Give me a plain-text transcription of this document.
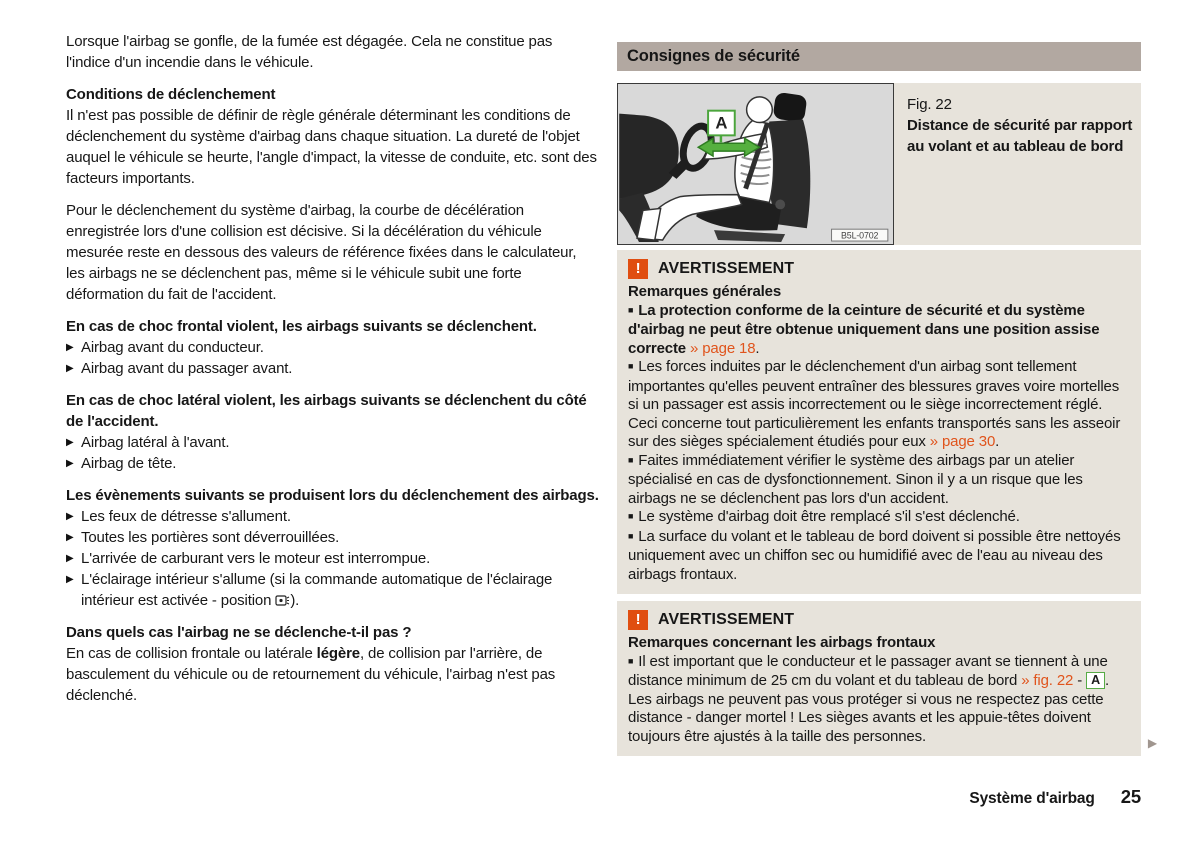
Lorsque l'airbag se gonfle, de la fumée est dégagée. Cela ne constitue pas l'indice d'un incendie dans le véhicule.

Conditions de déclenchement

Il n'est pas possible de définir de règle générale déterminant les conditions de déclenchement du système d'airbag dans chaque situation. La dureté de l'objet auquel le véhicule se heurte, l'angle d'impact, la vitesse de conduite, etc. sont des facteurs importants.

Pour le déclenchement du système d'airbag, la courbe de décélération enregistrée lors d'une collision est décisive. Si la décélération du véhicule mesurée reste en dessous des valeurs de référence fixées dans le calculateur, les airbags ne se déclenchent pas, même si le véhicule subit une forte déformation du fait de l'accident.

En cas de choc frontal violent, les airbags suivants se déclenchent.

▶ Airbag avant du conducteur.
▶ Airbag avant du passager avant.

En cas de choc latéral violent, les airbags suivants se déclenchent du côté de l'accident.

▶ Airbag latéral à l'avant.
▶ Airbag de tête.

Les évènements suivants se produisent lors du déclenchement des airbags.

▶ Les feux de détresse s'allument.
▶ Toutes les portières sont déverrouillées.
▶ L'arrivée de carburant vers le moteur est interrompue.
▶ L'éclairage intérieur s'allume (si la commande automatique de l'éclairage intérieur est activée - position ).

Dans quels cas l'airbag ne se déclenche-t-il pas ?

En cas de collision frontale ou latérale légère, de collision par l'arrière, de basculement du véhicule ou de retournement du véhicule, l'airbag n'est pas déclenché.

Consignes de sécurité
A
B5L-0702
Fig. 22
Distance de sécurité par rapport au volant et au tableau de bord
!	AVERTISSEMENT

Remarques générales

■ La protection conforme de la ceinture de sécurité et du système d'airbag ne peut être obtenue uniquement dans une position assise correcte » page 18.

■ Les forces induites par le déclenchement d'un airbag sont tellement importantes qu'elles peuvent entraîner des blessures graves voire mortelles si un passager est assis incorrectement ou le siège incorrectement réglé. Ceci concerne tout particulièrement les enfants transportés sans les asseoir sur des sièges spécialement étudiés pour eux » page 30.

■ Faites immédiatement vérifier le système des airbags par un atelier spécialisé en cas de dysfonctionnement. Sinon il y a un risque que les airbags ne se déclenchent pas lors d'un accident.

■ Le système d'airbag doit être remplacé s'il s'est déclenché.

■ La surface du volant et le tableau de bord doivent si possible être nettoyés uniquement avec un chiffon sec ou humidifié avec de l'eau au niveau des airbags frontaux.

!	AVERTISSEMENT

Remarques concernant les airbags frontaux

■ Il est important que le conducteur et le passager avant se tiennent à une distance minimum de 25 cm du volant et du tableau de bord » fig. 22 - A . Les airbags ne peuvent pas vous protéger si vous ne respectez pas cette distance - danger mortel ! Les sièges avants et les appuie-têtes doivent toujours être ajustés à la taille des personnes.	▶
Système d'airbag 25
